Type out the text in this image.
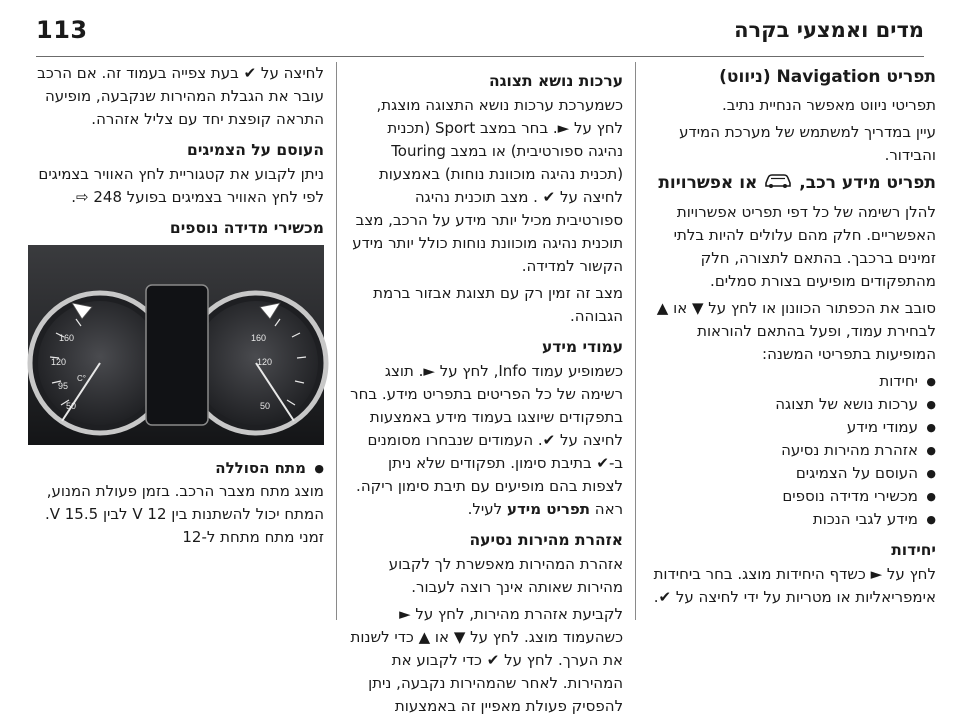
113	מדים ואמצעי בקרה
תפריט Navigation (ניווט)

תפריטי ניווט מאפשר הנחיית נתיב.

עיין במדריך למשתמש של מערכת המידע והבידור.

תפריט מידע רכב,  או אפשרויות

להלן רשימה של כל דפי תפריט אפשרויות האפשריים. חלק מהם עלולים להיות בלתי זמינים ברכבך. בהתאם לתצורה, חלק מהתפקודים מופיעים בצורת סמלים.

סובב את הכפתור הכוונון או לחץ על ▼ או ▲ לבחירת עמוד, ופעל בהתאם להוראות המופיעות בתפריטי המשנה:

● יחידות
● ערכות נושא של תצוגה
● עמודי מידע
● אזהרת מהירות נסיעה
● העוסם על הצמיגים
● מכשירי מדידה נוספים
● מידע לגבי הנכות
יחידות

לחץ על ► כשדף היחידות מוצג. בחר ביחידות אימפריאליות או מטריות על ידי לחיצה על ✔.

ערכות נושא תצוגה

כשמערכת ערכות נושא התצוגה מוצגת, לחץ על ►. בחר במצב Sport (תכנית נהיגה ספורטיבית) או במצב Touring (תכנית נהיגה מוכוונת נוחות) באמצעות לחיצה על ✔ . מצב תוכנית נהיגה ספורטיבית מכיל יותר מידע על הרכב, מצב תוכנית נהיגה מוכוונת נוחות כולל יותר מידע הקשור למדידה.

מצב זה זמין רק עם תצוגת אבזור ברמת הגבוהה.

עמודי מידע

כשמופיע עמוד Info, לחץ על ►. תוצג רשימה של כל הפריטים בתפריט מידע. בחר בתפקודים שיוצגו בעמוד מידע באמצעות לחיצה על ✔. העמודים שנבחרו מסומנים ב-✔ בתיבת סימון. תפקודים שלא ניתן לצפות בהם מופיעים עם תיבת סימון ריקה. ראה תפריט מידע לעיל.

אזהרת מהירות נסיעה

אזהרת המהירות מאפשרת לך לקבוע מהירות שאותה אינך רוצה לעבור.

לקביעת אזהרת מהירות, לחץ על ► כשהעמוד מוצג. לחץ על ▼ או ▲ כדי לשנות את הערך. לחץ על ✔ כדי לקבוע את המהירות. לאחר שהמהירות נקבעה, ניתן להפסיק פעולת מאפיין זה באמצעות

לחיצה על ✔ בעת צפייה בעמוד זה. אם הרכב עובר את הגבלת המהירות שנקבעה, מופיעה התראה קופצת יחד עם צליל אזהרה.

העוסם על הצמיגים

ניתן לקבוע את קטגוריית לחץ האוויר בצמיגים לפי לחץ האוויר בצמיגים בפועל 248 ⇨.

מכשירי מדידה נוספים
160
120
95
50
160
120
50
°C
● מתח הסוללה

מוצג מתח מצבר הרכב. בזמן פעולת המנוע, המתח יכול להשתנות בין 12 V לבין 15.5 V. זמני מתח מתחת ל-12
